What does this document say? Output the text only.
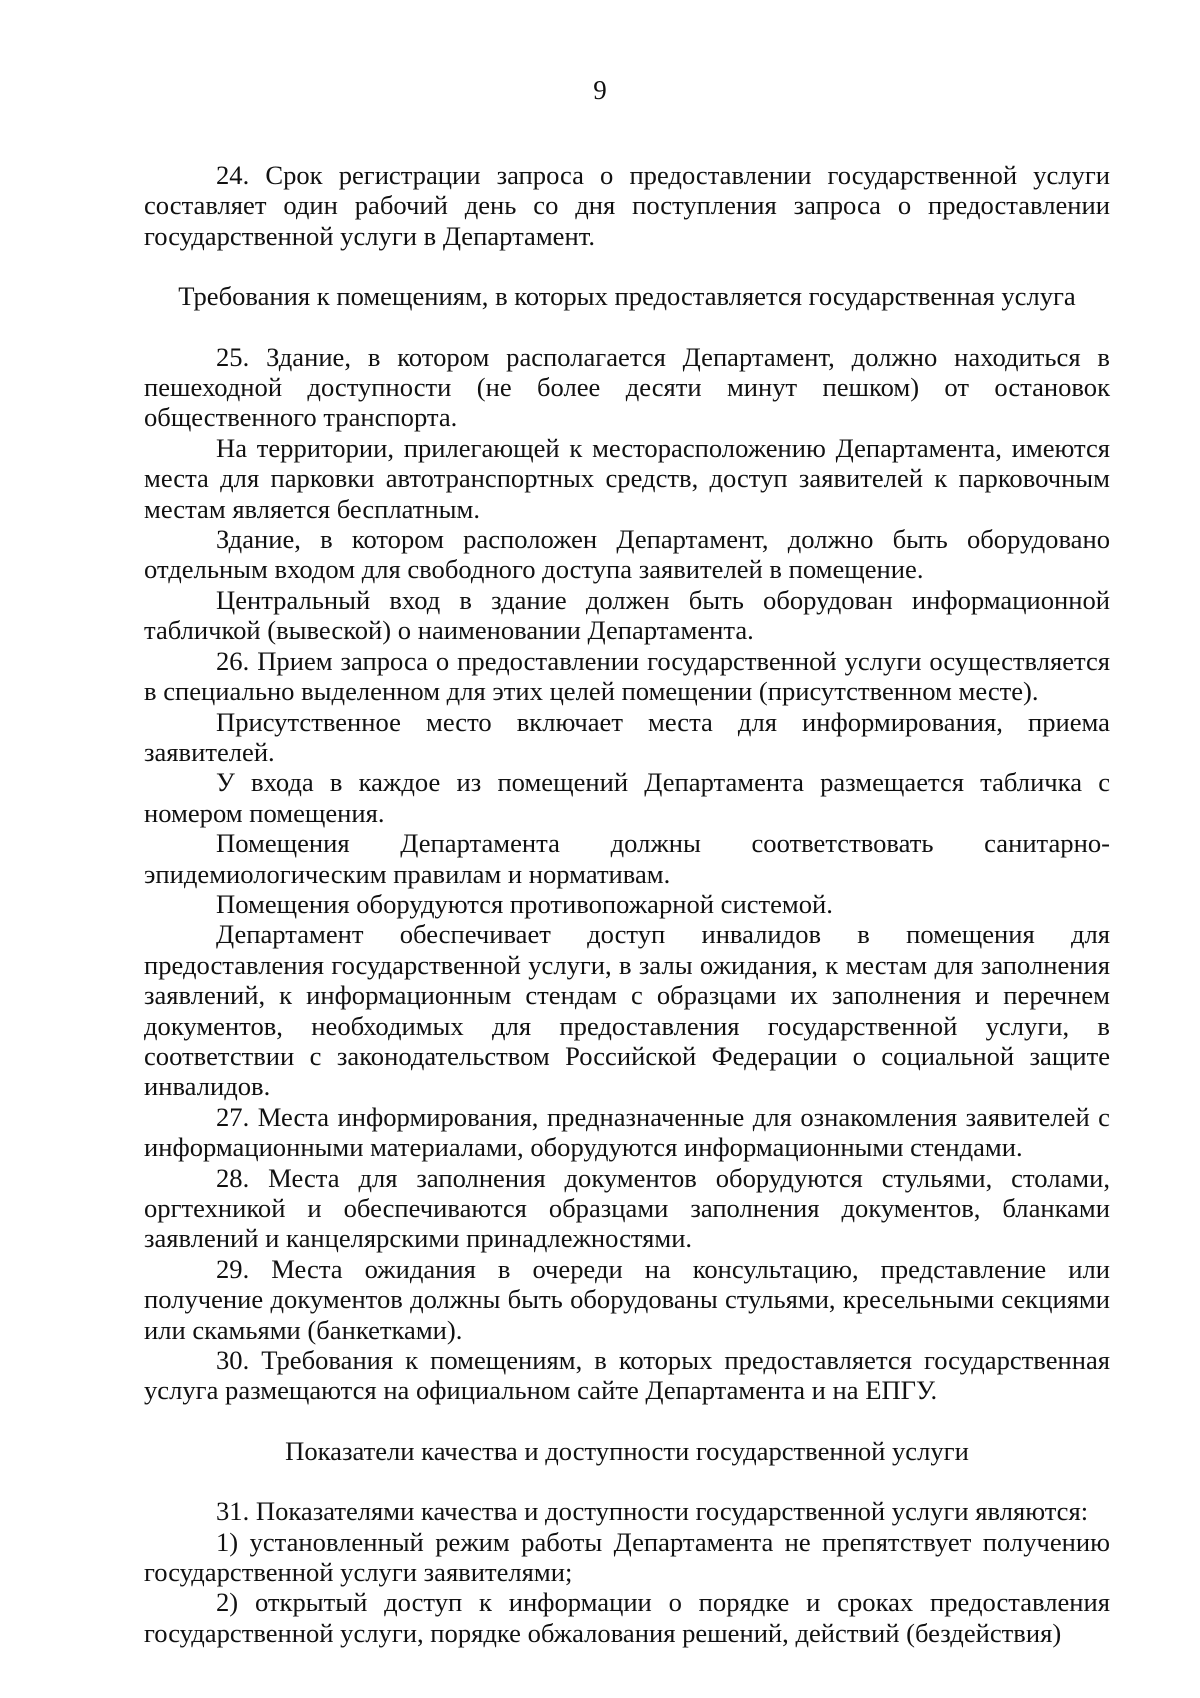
9

24. Срок регистрации запроса о предоставлении государственной услуги составляет один рабочий день со дня поступления запроса о предоставлении государственной услуги в Департамент.

Требования к помещениям, в которых предоставляется государственная услуга

25. Здание, в котором располагается Департамент, должно находиться в пешеходной доступности (не более десяти минут пешком) от остановок общественного транспорта.

На территории, прилегающей к месторасположению Департамента, имеются места для парковки автотранспортных средств, доступ заявителей к парковочным местам является бесплатным.

Здание, в котором расположен Департамент, должно быть оборудовано отдельным входом для свободного доступа заявителей в помещение.

Центральный вход в здание должен быть оборудован информационной табличкой (вывеской) о наименовании Департамента.

26. Прием запроса о предоставлении государственной услуги осуществляется в специально выделенном для этих целей помещении (присутственном месте).

Присутственное место включает места для информирования, приема заявителей.

У входа в каждое из помещений Департамента размещается табличка с номером помещения.

Помещения Департамента должны соответствовать санитарно-эпидемиологическим правилам и нормативам.

Помещения оборудуются противопожарной системой.

Департамент обеспечивает доступ инвалидов в помещения для предоставления государственной услуги, в залы ожидания, к местам для заполнения заявлений, к информационным стендам с образцами их заполнения и перечнем документов, необходимых для предоставления государственной услуги, в соответствии с законодательством Российской Федерации о социальной защите инвалидов.

27. Места информирования, предназначенные для ознакомления заявителей с информационными материалами, оборудуются информационными стендами.

28. Места для заполнения документов оборудуются стульями, столами, оргтехникой и обеспечиваются образцами заполнения документов, бланками заявлений и канцелярскими принадлежностями.

29. Места ожидания в очереди на консультацию, представление или получение документов должны быть оборудованы стульями, кресельными секциями или скамьями (банкетками).

30. Требования к помещениям, в которых предоставляется государственная услуга размещаются на официальном сайте Департамента и на ЕПГУ.

Показатели качества и доступности государственной услуги

31. Показателями качества и доступности государственной услуги являются:

1) установленный режим работы Департамента не препятствует получению государственной услуги заявителями;

2) открытый доступ к информации о порядке и сроках предоставления государственной услуги, порядке обжалования решений, действий (бездействия)
